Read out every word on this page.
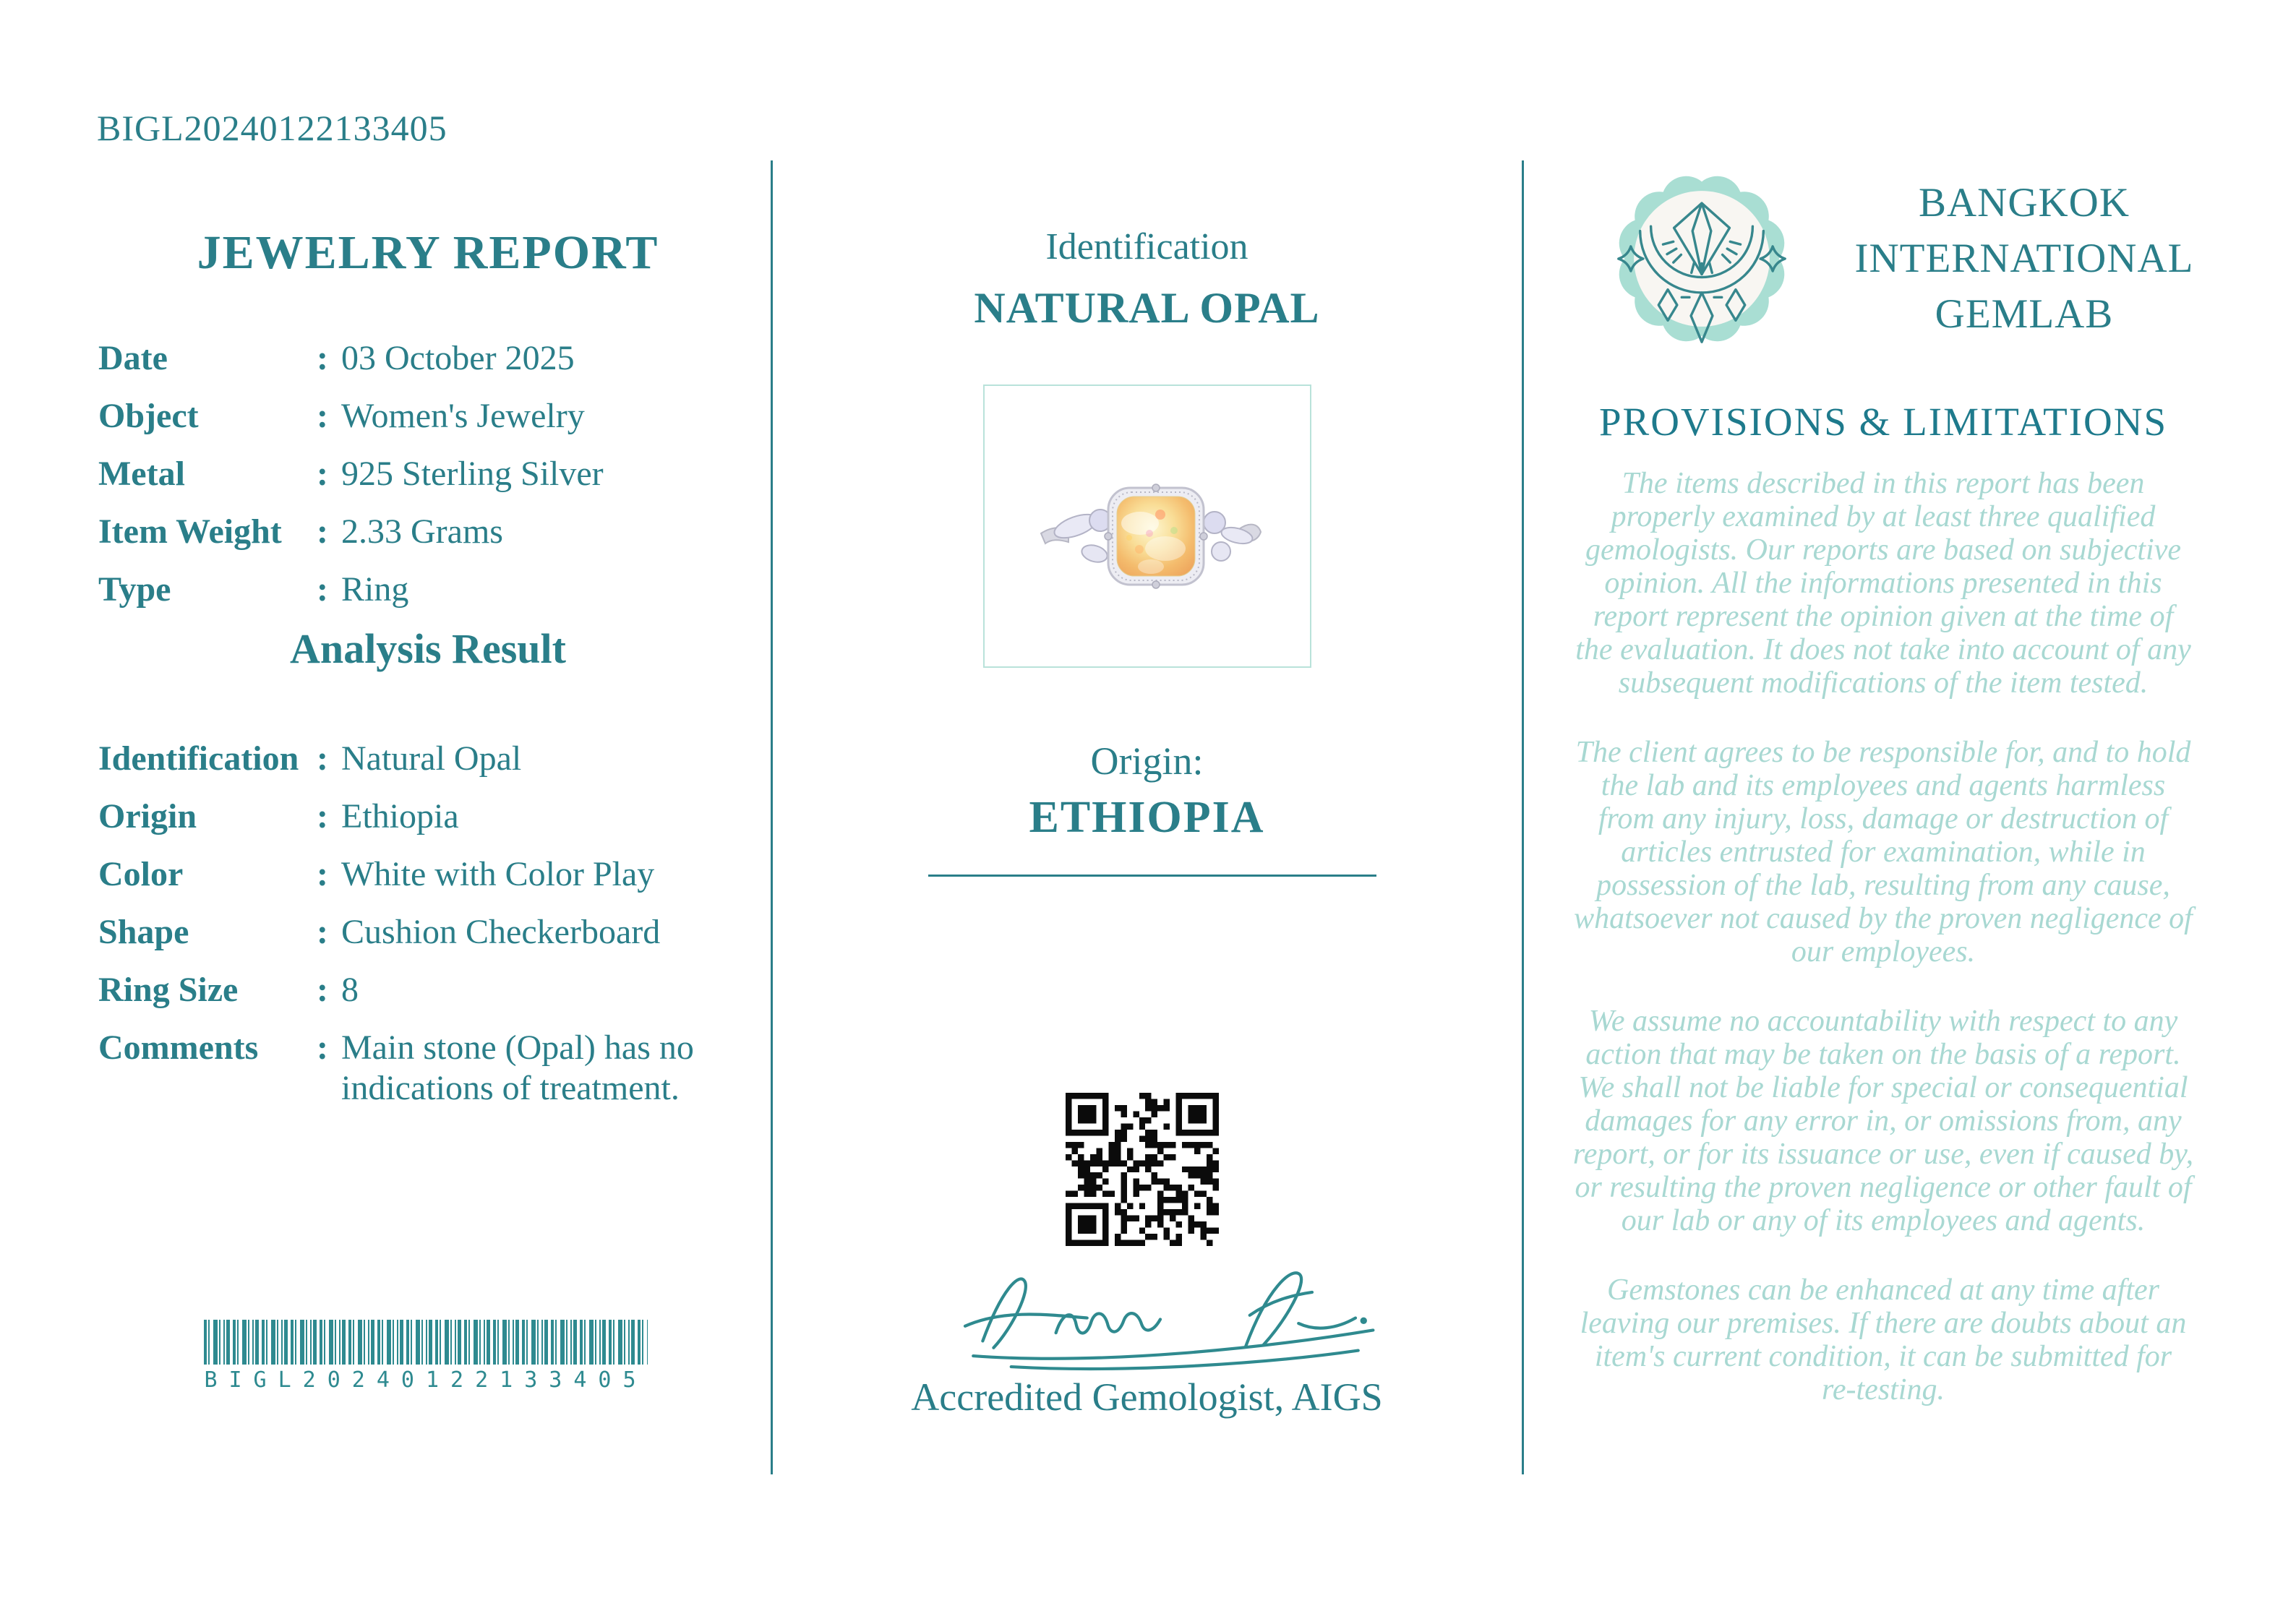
BIGL20240122133405
JEWELRY REPORT
Date	: 03 October 2025
Object	: Women's Jewelry
Metal	: 925 Sterling Silver
Item Weight	: 2.33 Grams
Type	: Ring
Analysis Result
Identification : Natural Opal
Origin	: Ethiopia
Color	: White with Color Play
Shape	: Cushion Checkerboard
Ring Size	: 8
Comments	: Main stone (Opal) has no indications of treatment.
BIGL20240122133405
Identification
NATURAL OPAL
Origin:
ETHIOPIA
Accredited Gemologist, AIGS
BANGKOK
INTERNATIONAL
GEMLAB
PROVISIONS & LIMITATIONS
The items described in this report has been
properly examined by at least three qualified
gemologists. Our reports are based on subjective
opinion. All the informations presented in this
report represent the opinion given at the time of
the evaluation. It does not take into account of any
subsequent modifications of the item tested.
The client agrees to be responsible for, and to hold
the lab and its employees and agents harmless
from any injury, loss, damage or destruction of
articles entrusted for examination, while in
possession of the lab, resulting from any cause,
whatsoever not caused by the proven negligence of
our employees.
We assume no accountability with respect to any
action that may be taken on the basis of a report.
We shall not be liable for special or consequential
damages for any error in, or omissions from, any
report, or for its issuance or use, even if caused by,
or resulting the proven negligence or other fault of
our lab or any of its employees and agents.
Gemstones can be enhanced at any time after
leaving our premises. If there are doubts about an
item's current condition, it can be submitted for
re-testing.
